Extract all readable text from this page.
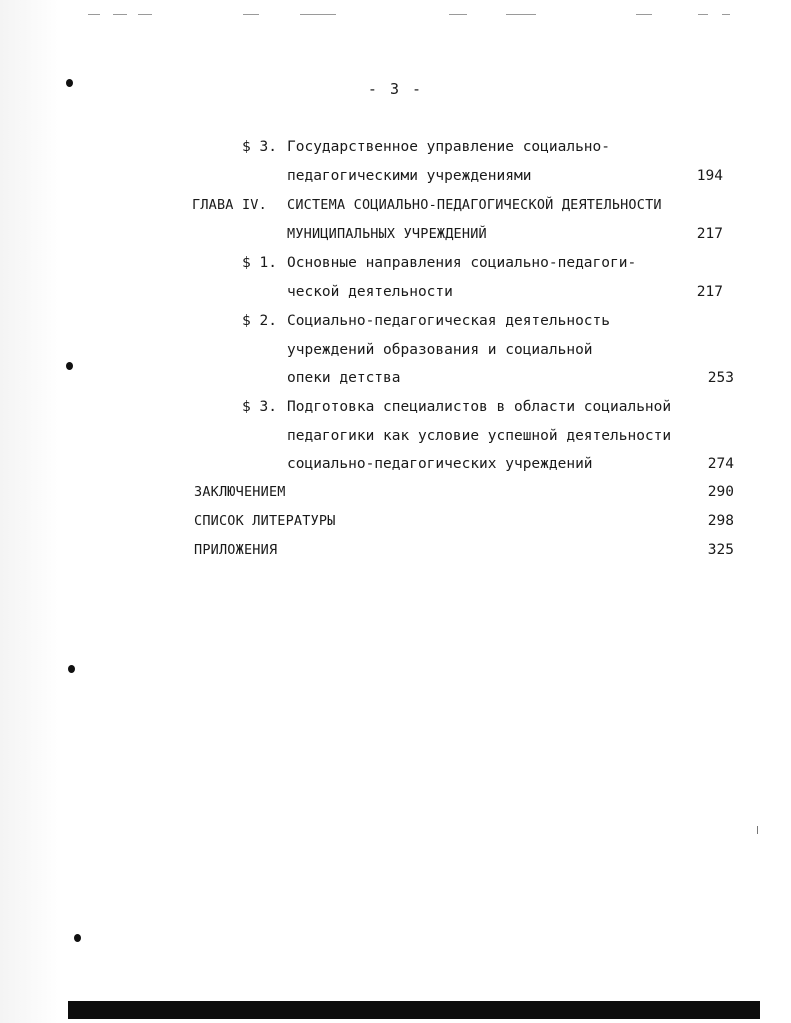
- 3 -
$ 3. Государственное управление социально-
педагогическими учреждениями	194
ГЛАВА IV. СИСТЕМА СОЦИАЛЬНО-ПЕДАГОГИЧЕСКОЙ ДЕЯТЕЛЬНОСТИ
МУНИЦИПАЛЬНЫХ УЧРЕЖДЕНИЙ	217
$ 1. Основные направления социально-педагоги-
ческой деятельности	217
$ 2. Социально-педагогическая деятельность
учреждений образования и социальной
опеки детства	253
$ 3. Подготовка специалистов в области социальной
педагогики как условие успешной деятельности
социально-педагогических учреждений	274
ЗАКЛЮЧЕНИЕМ	290
СПИСОК ЛИТЕРАТУРЫ	298
ПРИЛОЖЕНИЯ	325
